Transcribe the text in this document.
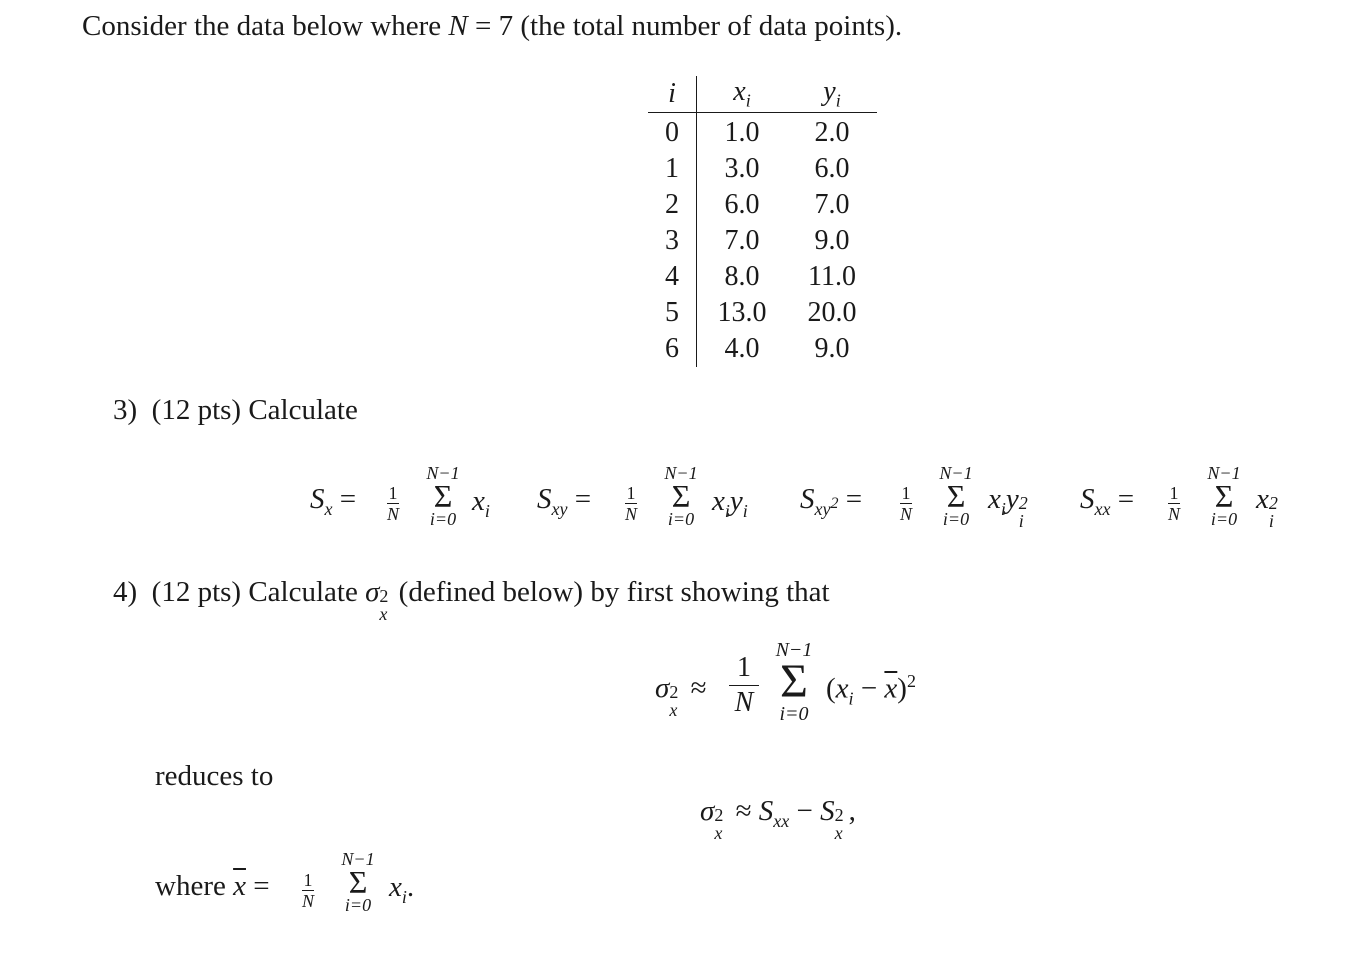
Consider the data below where N = 7 (the total number of data points).
i	$x_i$	$y_i$
0	1.0	2.0
1	3.0	6.0
2	6.0	7.0
3	7.0	9.0
4	8.0	11.0
5	13.0	20.0
6	4.0	9.0
3) (12 pts) Calculate
$S_x = \frac{1}{N}$
N−1
Σ
i=0
$x_i$ $S_{xy} = \frac{1}{N}$
N−1
Σ
i=0
$x_iy_i$ $S_{xy^2} = \frac{1}{N}$
N−1
Σ
i=0
$x_iy$ 2
i
$S_{xx} = \frac{1}{N}$
N−1
Σ
i=0
x 2
i
4) (12 pts) Calculate σ 2
x
(defined below) by first showing that
σ 2
x
≈ $\frac{1}{N}$
N−1
Σ
i=0
$(x_i - \overline{x})^2$
reduces to
σ 2
x
≈ $S_{xx} - S$ 2
x
,
where $\overline{x} = \frac{1}{N}$
N−1
Σ
i=0
$x_i$.
